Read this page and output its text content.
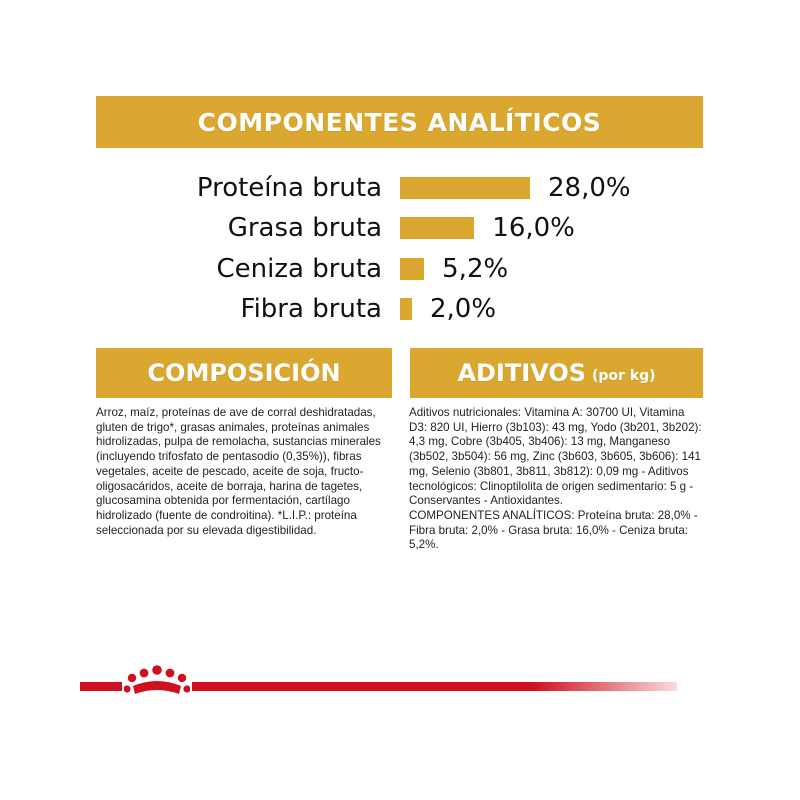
COMPONENTES ANALÍTICOS
Proteína bruta	28,0%
Grasa bruta	16,0%
Ceniza bruta 5,2%
Fibra bruta 2,0%
COMPOSICIÓN	ADITIVOS (por kg)
Arroz, maíz, proteínas de ave de corral deshidratadas, gluten de trigo*, grasas animales, proteínas animales hidrolizadas, pulpa de remolacha, sustancias minerales (incluyendo trifosfato de pentasodio (0,35%)), fibras vegetales, aceite de pescado, aceite de soja, fructo-oligosacáridos, aceite de borraja, harina de tagetes, glucosamina obtenida por fermentación, cartílago hidrolizado (fuente de condroitina). *L.I.P.: proteína seleccionada por su elevada digestibilidad.

Aditivos nutricionales: Vitamina A: 30700 UI, Vitamina D3: 820 UI, Hierro (3b103): 43 mg, Yodo (3b201, 3b202): 4,3 mg, Cobre (3b405, 3b406): 13 mg, Manganeso (3b502, 3b504): 56 mg, Zinc (3b603, 3b605, 3b606): 141 mg, Selenio (3b801, 3b811, 3b812): 0,09 mg - Aditivos tecnológicos: Clinoptilolita de origen sedimentario: 5 g - Conservantes - Antioxidantes.

COMPONENTES ANALÍTICOS: Proteína bruta: 28,0% - Fibra bruta: 2,0% - Grasa bruta: 16,0% - Ceniza bruta: 5,2%.
